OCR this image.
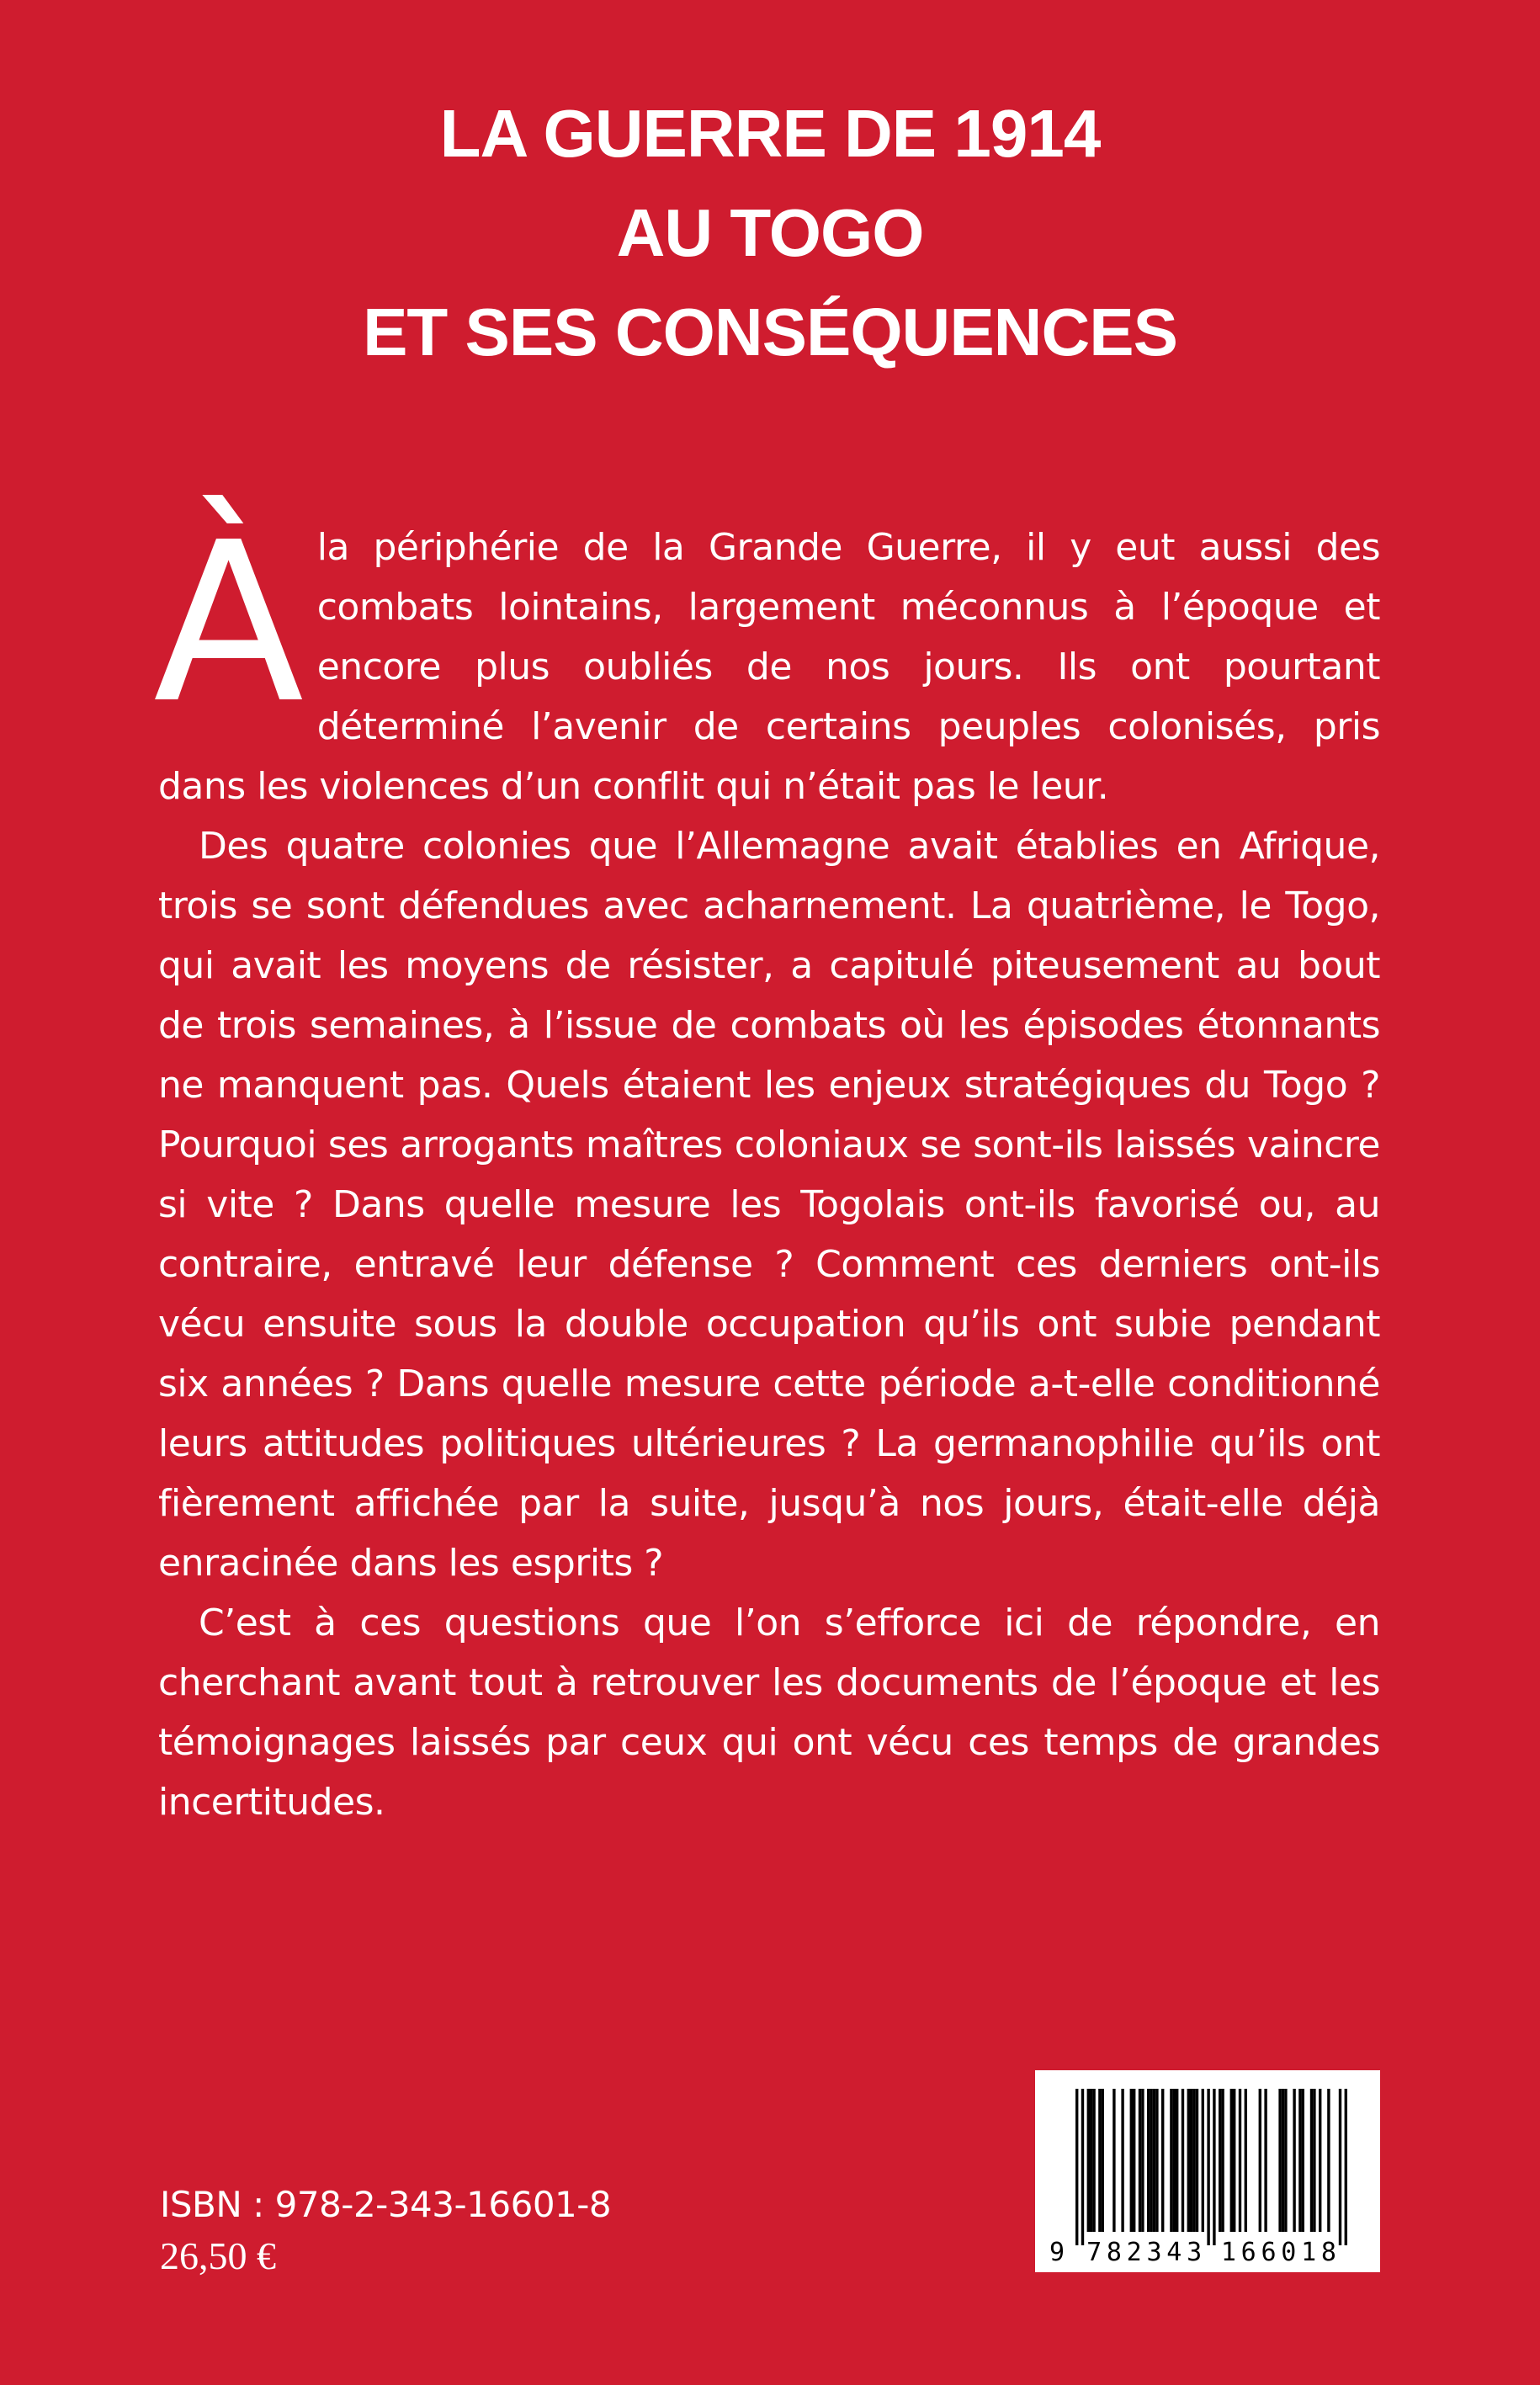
LA GUERRE DE 1914
AU TOGO
ET SES CONSÉQUENCES

À la périphérie de la Grande Guerre, il y eut aussi des combats lointains, largement méconnus à l’époque et encore plus oubliés de nos jours. Ils ont pourtant déterminé l’avenir de certains peuples colonisés, pris dans les violences d’un conflit qui n’était pas le leur.

Des quatre colonies que l’Allemagne avait établies en Afrique, trois se sont défendues avec acharnement. La quatrième, le Togo, qui avait les moyens de résister, a capitulé piteusement au bout de trois semaines, à l’issue de combats où les épisodes étonnants ne manquent pas. Quels étaient les enjeux stratégiques du Togo ? Pourquoi ses arrogants maîtres coloniaux se sont-ils laissés vaincre si vite ? Dans quelle mesure les Togolais ont-ils favorisé ou, au contraire, entravé leur défense ? Comment ces derniers ont-ils vécu ensuite sous la double occupation qu’ils ont subie pendant six années ? Dans quelle mesure cette période a-t-elle conditionné leurs attitudes politiques ultérieures ? La germanophilie qu’ils ont fièrement affichée par la suite, jusqu’à nos jours, était-elle déjà enracinée dans les esprits ?

C’est à ces questions que l’on s’efforce ici de répondre, en cherchant avant tout à retrouver les documents de l’époque et les témoignages laissés par ceux qui ont vécu ces temps de grandes incertitudes.

ISBN : 978-2-343-16601-8
26,50 €	9 7 8 2 3 4 3 1 6 6 0 1 8
